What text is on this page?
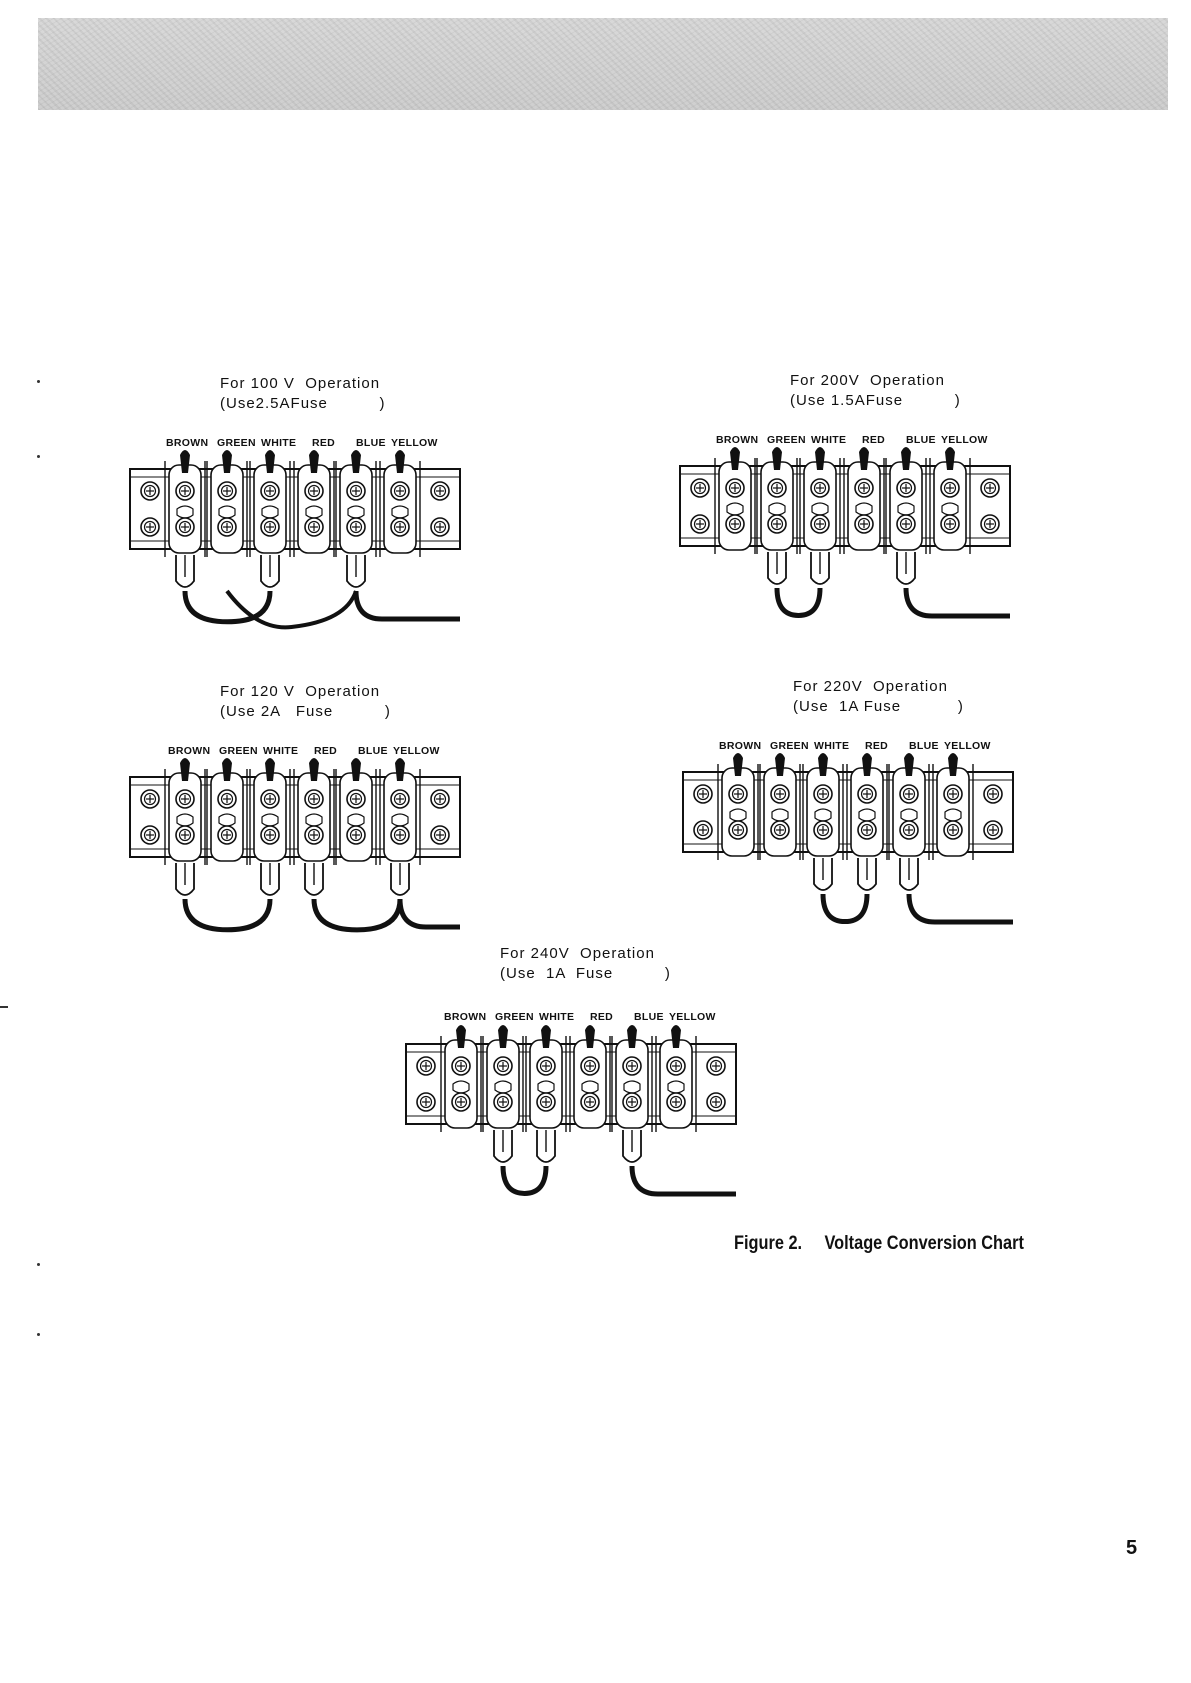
For 100 V  Operation
(Use2.5AFuse          )
BROWN GREEN WHITE RED BLUE YELLOW
For 200V  Operation
(Use 1.5AFuse          )
BROWN GREEN WHITE RED BLUE YELLOW
For 120 V  Operation
(Use 2A   Fuse          )
BROWN GREEN WHITE RED BLUE YELLOW
For 220V  Operation
(Use  1A Fuse           )
BROWN GREEN WHITE RED BLUE YELLOW
For 240V  Operation
(Use  1A  Fuse          )
BROWN GREEN WHITE RED BLUE YELLOW
Figure 2. Voltage Conversion Chart
5
